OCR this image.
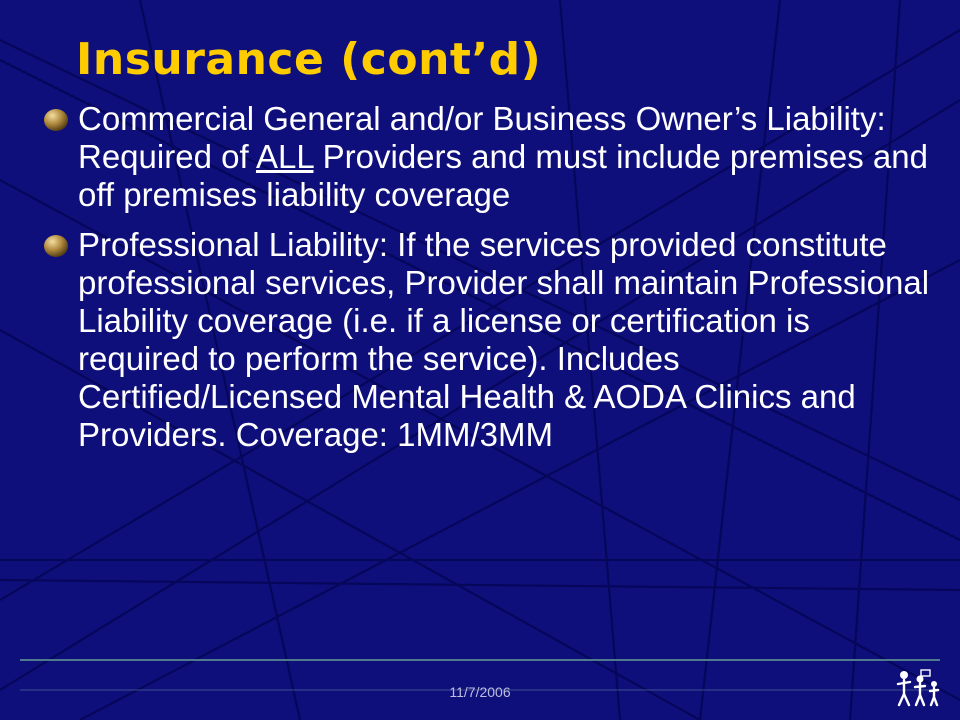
Insurance (cont’d)
Commercial General and/or Business Owner’s Liability: Required of ALL Providers and must include premises and off premises liability coverage
Professional Liability: If the services provided constitute professional services, Provider shall maintain Professional Liability coverage (i.e. if a license or certification is required to perform the service). Includes Certified/Licensed Mental Health & AODA Clinics and Providers. Coverage: 1MM/3MM
11/7/2006
